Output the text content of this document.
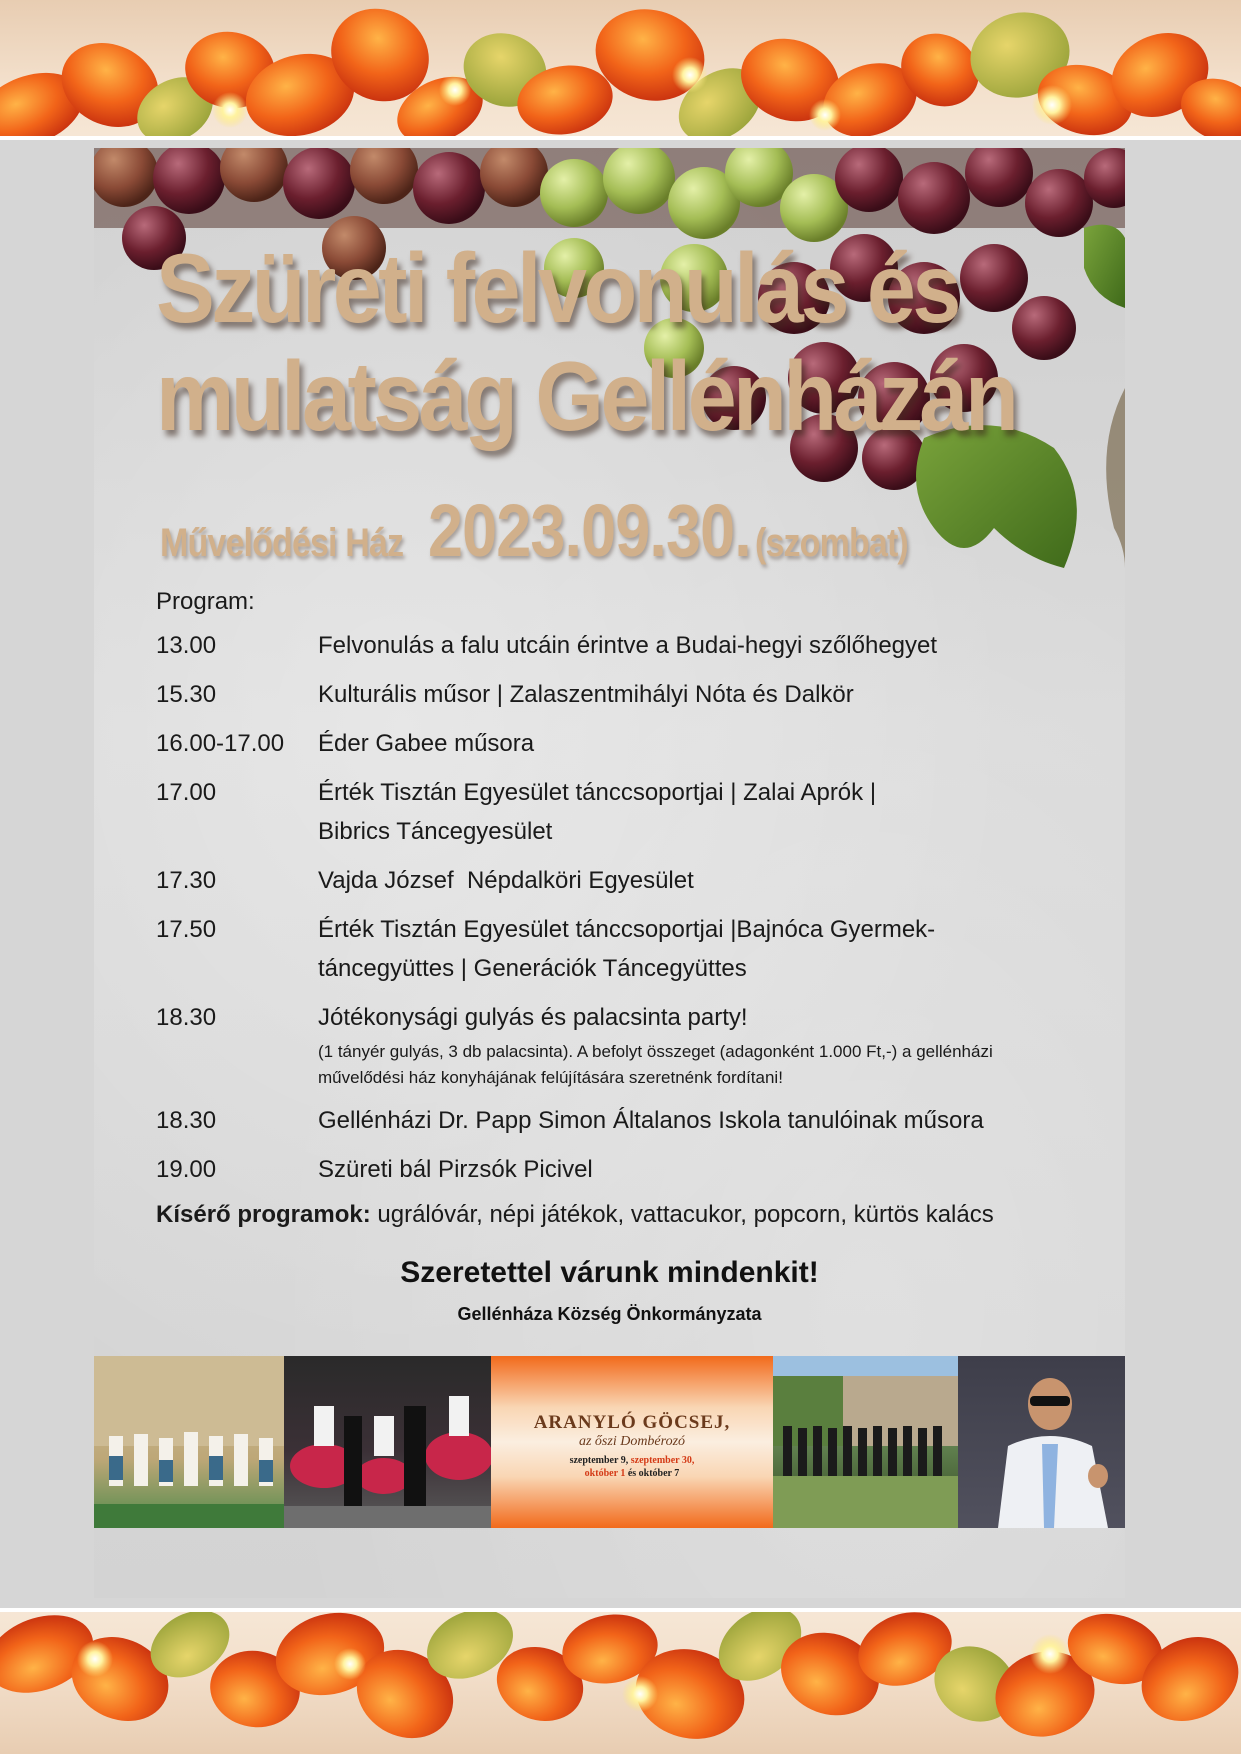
Szüreti felvonulás és
mulatság Gellénházán
Művelődési Ház 2023.09.30. (szombat)
Program:
13.00	Felvonulás a falu utcáin érintve a Budai-hegyi szőlőhegyet
15.30	Kulturális műsor | Zalaszentmihályi Nóta és Dalkör
16.00-17.00	Éder Gabee műsora
17.00	Érték Tisztán Egyesület tánccsoportjai | Zalai Aprók |
Bibrics Táncegyesület
17.30	Vajda József  Népdalköri Egyesület
17.50	Érték Tisztán Egyesület tánccsoportjai |Bajnóca Gyermek-
táncegyüttes | Generációk Táncegyüttes
18.30	Jótékonysági gulyás és palacsinta party!
(1 tányér gulyás, 3 db palacsinta). A befolyt összeget (adagonként 1.000 Ft,-) a gellénházi művelődési ház konyhájának felújítására szeretnénk fordítani!
18.30	Gellénházi Dr. Papp Simon Általanos Iskola tanulóinak műsora
19.00	Szüreti bál Pirzsók Picivel
Kísérő programok: ugrálóvár, népi játékok, vattacukor, popcorn, kürtös kalács
Szeretettel várunk mindenkit!
Gellénháza Község Önkormányzata
ARANYLÓ GÖCSEJ,
az őszi Dombérozó
szeptember 9, szeptember 30,
október 1 és október 7
